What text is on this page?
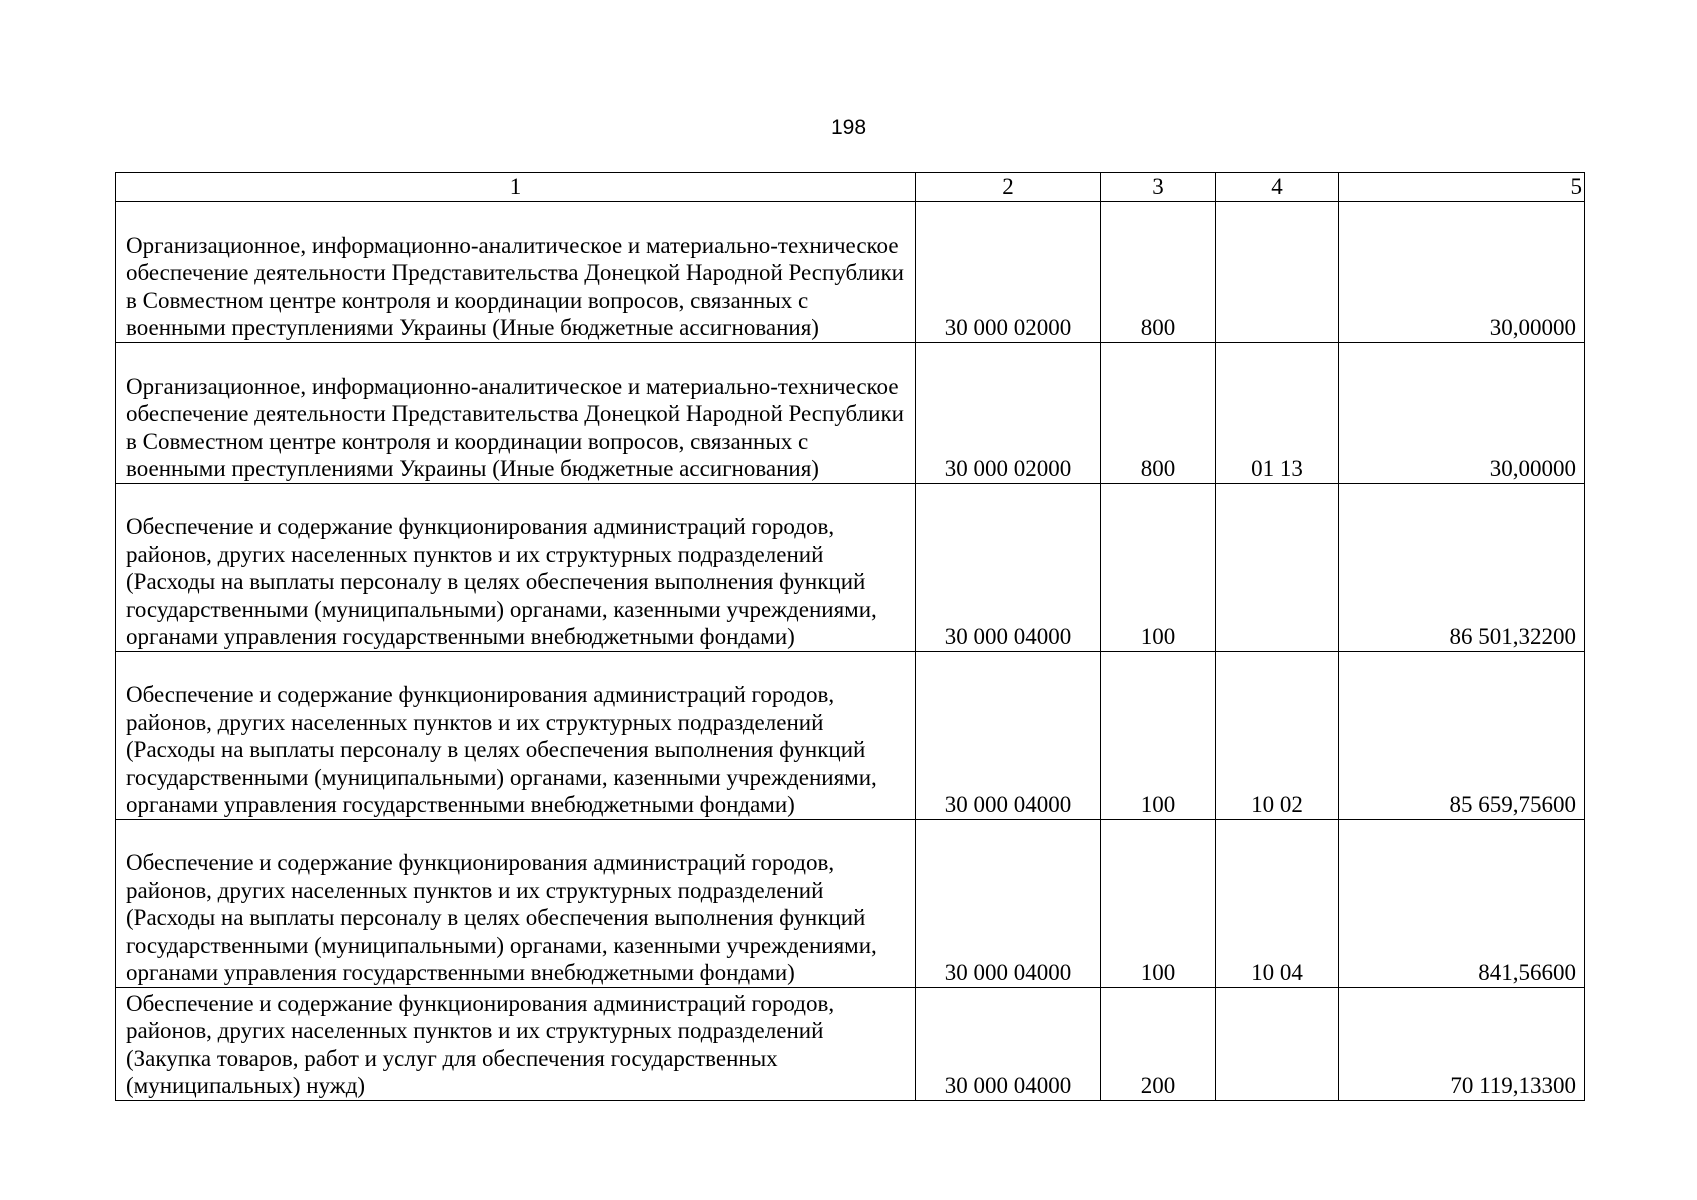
198
1	2	3	4	5
Организационное, информационно-аналитическое и материально-техническое обеспечение деятельности Представительства Донецкой Народной Республики в Совместном центре контроля и координации вопросов, связанных с военными преступлениями Украины (Иные бюджетные ассигнования)	30 000 02000	800		30,00000
Организационное, информационно-аналитическое и материально-техническое обеспечение деятельности Представительства Донецкой Народной Республики в Совместном центре контроля и координации вопросов, связанных с военными преступлениями Украины (Иные бюджетные ассигнования)	30 000 02000	800	01 13	30,00000
Обеспечение и содержание функционирования администраций городов, районов, других населенных пунктов и их структурных подразделений (Расходы на выплаты персоналу в целях обеспечения выполнения функций государственными (муниципальными) органами, казенными учреждениями, органами управления государственными внебюджетными фондами)	30 000 04000	100		86 501,32200
Обеспечение и содержание функционирования администраций городов, районов, других населенных пунктов и их структурных подразделений (Расходы на выплаты персоналу в целях обеспечения выполнения функций государственными (муниципальными) органами, казенными учреждениями, органами управления государственными внебюджетными фондами)	30 000 04000	100	10 02	85 659,75600
Обеспечение и содержание функционирования администраций городов, районов, других населенных пунктов и их структурных подразделений (Расходы на выплаты персоналу в целях обеспечения выполнения функций государственными (муниципальными) органами, казенными учреждениями, органами управления государственными внебюджетными фондами)	30 000 04000	100	10 04	841,56600
Обеспечение и содержание функционирования администраций городов, районов, других населенных пунктов и их структурных подразделений (Закупка товаров, работ и услуг для обеспечения государственных (муниципальных) нужд)	30 000 04000	200		70 119,13300
